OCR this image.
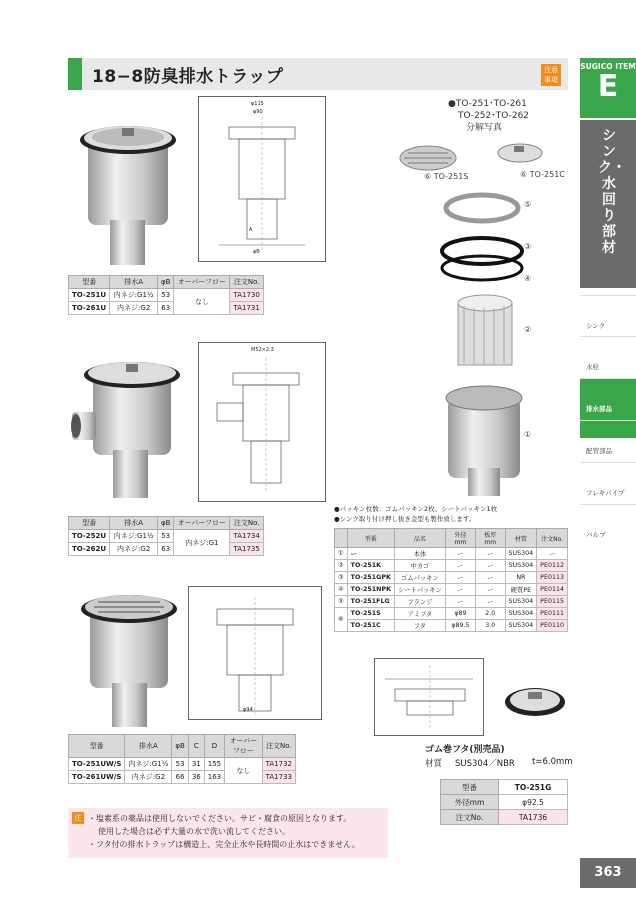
18−8防臭排水トラップ	注意事項
SUGICO ITEM
E
シンク・水回り部材
シンク
水栓
排水部品
配管部品
フレキパイプ
バルブ
363
φ115
φ90
A
φB
型番	排水A	φB	オーバーフロー	注文No.
TO-251U	内ネジ:G1½	53	なし	TA1730
TO-261U	内ネジ:G2	63		TA1731
M52×2.3
型番	排水A	φB	オーバーフロー	注文No.
TO-252U	内ネジ:G1½	53	内ネジ:G1	TA1734
TO-262U	内ネジ:G2	63		TA1735
φ94
型番	排水A	φB	C	D	オーバーフロー	注文No.
TO-251UW/S	内ネジ:G1½	53	31	155	なし	TA1732
TO-261UW/S	内ネジ:G2	66	36	163		TA1733
●TO-251･TO-261
TO-252･TO-262
分解写真
⑥ TO-251S	⑥ TO-251C
⑤
③
④
②
①
●パッキン枚数：ゴムパッキン2枚、シートパッキン1枚
●シンク取り付け押し抜き金型も製作致します。
	型番	品名	外径mm	板厚mm	材質	注文No.
①	ー	本体	ー	ー	SUS304	ー
②	TO-251K	中カゴ	ー	ー	SUS304	PE0112
③	TO-251GPK	ゴムパッキン	ー	ー	NR	PE0113
④	TO-251NPK	シートパッキン	ー	ー	硬質PE	PE0114
⑤	TO-251FLG	フランジ	ー	ー	SUS304	PE0115
⑥	TO-251S	アミフタ	φ89	2.0	SUS304	PE0111
	TO-251C	フタ	φ89.5	3.0	SUS304	PE0110
ゴム巻フタ(別売品)
材質 SUS304／NBR t=6.0mm
型番	TO-251G
外径mm	φ92.5
注文No.	TA1736
・塩素系の薬品は使用しないでください。サビ・腐食の原因となります。
使用した場合は必ず大量の水で洗い流してください。
・フタ付の排水トラップは構造上、完全止水や長時間の止水はできません。
注
